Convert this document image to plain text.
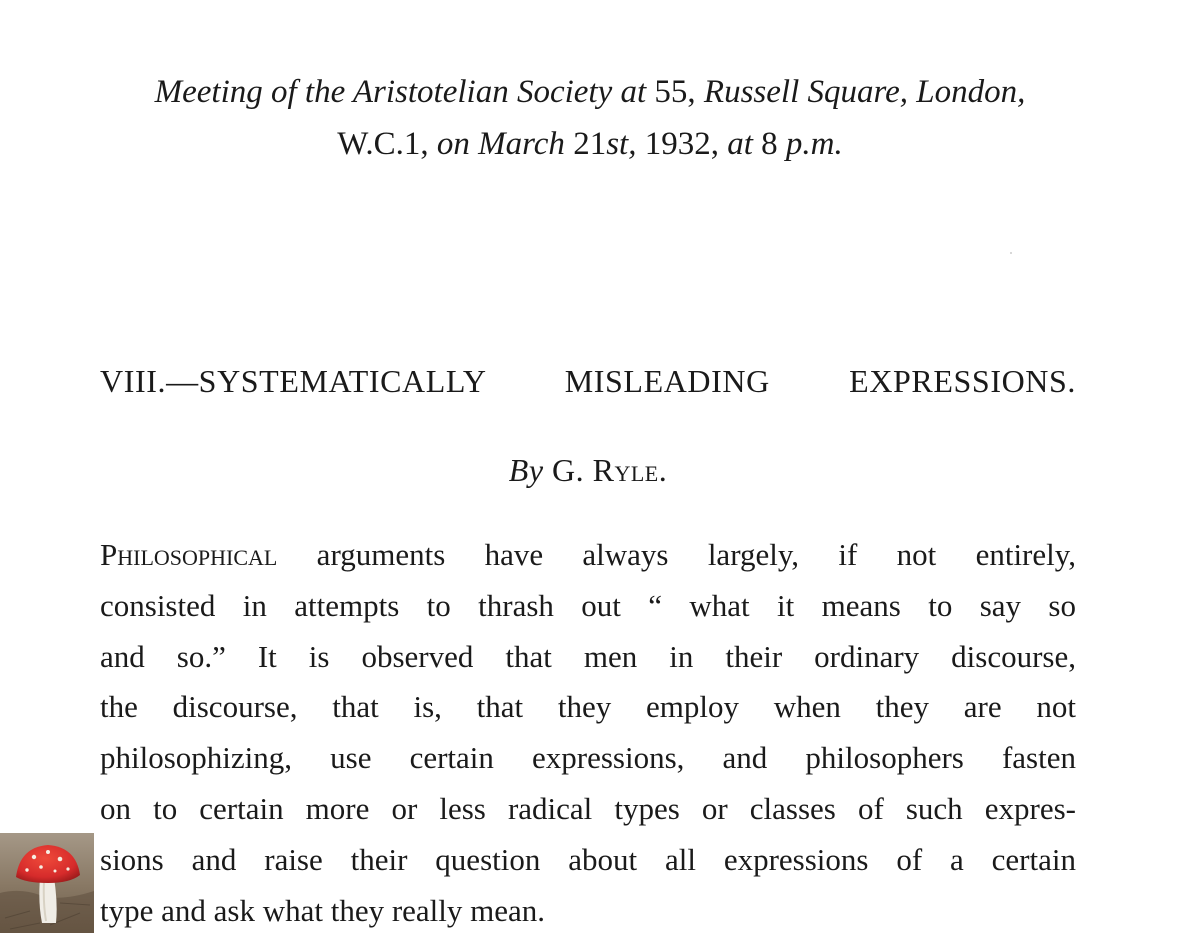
Meeting of the Aristotelian Society at 55, Russell Square, London,
W.C.1, on March 21st, 1932, at 8 p.m.
VIII.—SYSTEMATICALLY MISLEADING EXPRESSIONS.
By G. Ryle.
Philosophical arguments have always largely, if not entirely,
consisted in attempts to thrash out “ what it means to say so
and so.” It is observed that men in their ordinary discourse,
the discourse, that is, that they employ when they are not
philosophizing, use certain expressions, and philosophers fasten
on to certain more or less radical types or classes of such expres-
sions and raise their question about all expressions of a certain
type and ask what they really mean.
